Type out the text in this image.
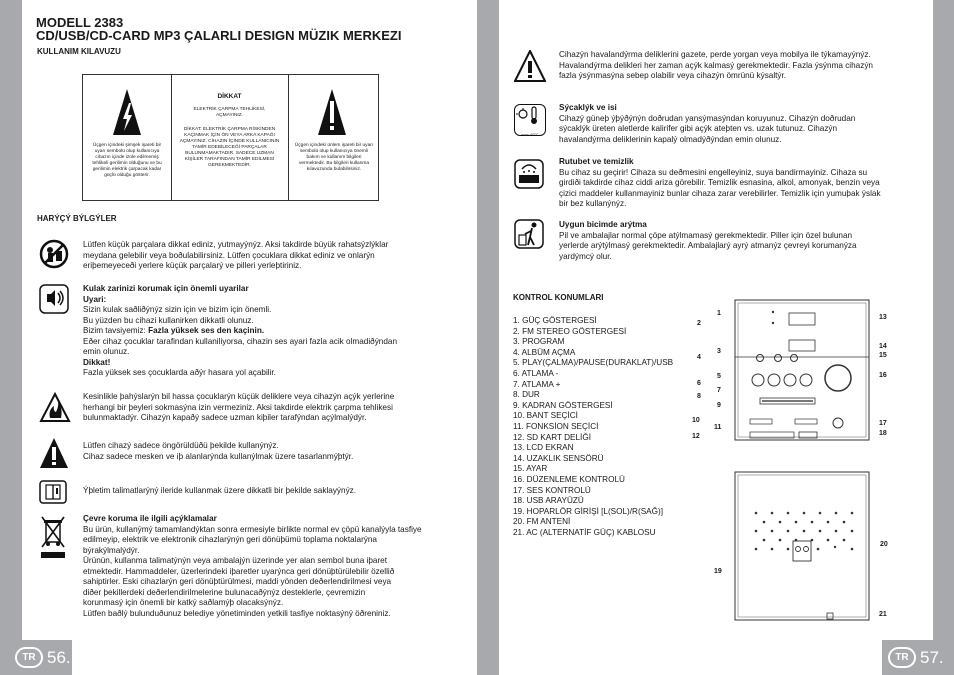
MODELL 2383
CD/USB/CD-CARD MP3 ÇALARLI DESIGN MÜZIK MERKEZI
KULLANIM KILAVUZU
Üçgen içindeki şimşek işareti bir uyarı sembolü olup kullanıcıya cihazın içinde izole edilmemiş tehlikeli gerilimin olduğunu ve bu gerilimin elektrik çarpacak kadar güçlü olduğu gösterir.
DİKKAT
ELEKTRİK ÇARPMA TEHLİKESİ, AÇMAYINIZ.
DİKKAT: ELEKTRİK ÇARPMA RİSKİNDEN KAÇINMAK İÇİN ÖN VEYA ARKA KAPAĞI AÇMAYINIZ. CİHAZIN İÇİNDE KULLANICININ TAMİR EDEBİLECEĞİ PARÇALAR BULUNMAMAKTADIR. SADECE UZMAN KİŞİLER TARAFINDAN TAMİR EDİLMESİ GEREKMEKTEDİR.
Üçgen içindeki ünlem işareti bir uyarı sembolü olup kullanıcıya önemli bakım ve kullanım bilgileri vermektedir. Bu bilgileri kullanma kılavuzunda bulabilirsiniz.
HARÝÇÝ BÝLGÝLER
Lütfen küçük parçalara dikkat ediniz, yutmayýnýz. Aksi takdirde büyük rahatsýzlýklar
meydana gelebilir veya boðulabilirsiniz. Lütfen çocuklara dikkat ediniz ve onlarýn
eriþemeyeceði yerlere küçük parçalarý ve pilleri yerleþtiriniz.
Kulak zarinizi korumak için önemli uyarilar
Uyari:
Sizin kulak saðliðýnýz sizin için ve bizim için önemli.
Bu yüzden bu cihazi kullanirken dikkatli olunuz.
Bizim tavsiyemiz: Fazla yüksek ses den kaçinin.
Eðer cihaz çocuklar tarafindan kullaniliyorsa, cihazin ses ayari fazla acik olmadiðýndan
emin olunuz.
Dikkat!
Fazla yüksek ses çocuklarda aðýr hasara yol açabilir.
Kesinlikle þahýslarýn bil hassa çocuklarýn küçük deliklere veya cihazýn açýk yerlerine
herhangi bir þeyleri sokmasýna izin vermeziniz. Aksi takdirde elektrik çarpma tehlikesi
bulunmaktadýr. Cihazýn kapaðý sadece uzman kiþiler tarafýndan açýlmalýdýr.
Lütfen cihazý sadece öngörüldüðü þekilde kullanýnýz.
Cihaz sadece mesken ve iþ alanlarýnda kullanýlmak üzere tasarlanmýþtýr.
Ýþletim talimatlarýný ileride kullanmak üzere dikkatli bir þekilde saklayýnýz.
Çevre koruma ile ilgili açýklamalar
Bu ürün, kullanýmý tamamlandýktan sonra ermesiyle birlikte normal ev çöpü kanalýyla tasfiye
edilmeyip, elektrik ve elektronik cihazlarýnýn geri dönüþümü toplama noktalarýna
býrakýlmalýdýr.
Ürünün, kullanma talimatýnýn veya ambalajýn üzerinde yer alan sembol buna iþaret
etmektedir. Hammaddeler, üzerlerindeki iþaretler uyarýnca geri dönüþtürülebilir özellið
sahiptirler. Eski cihazlarýn geri dönüþtürülmesi, maddi yönden deðerlendirilmesi veya
diðer þekillerdeki deðerlendirilmelerine bulunacaðýnýz desteklerle, çevremizin
korunmasý için önemli bir katký saðlamýþ olacaksýnýz.
Lütfen baðlý bulunduðunuz belediye yönetiminden yetkili tasfiye noktasýný öðreniniz.
Cihazýn havalandýrma deliklerini gazete, perde yorgan veya mobilya ile týkamayýnýz.
Havalandýrma delikleri her zaman açýk kalmasý gerekmektedir. Fazla ýsýnma cihazýn
fazla ýsýnmasýna sebep olabilir veya cihazýn ömrünü kýsaltýr.
max 40°C
Sýcaklýk ve isi
Cihazý güneþ ýþýðýnýn doðrudan yansýmasýndan koruyunuz. Cihazýn doðrudan
sýcaklýk üreten aletlerde kalirifer gibi açýk ateþten vs. uzak tutunuz. Cihazýn
havalandýrma deliklerinin kapalý olmadýðýndan emin olunuz.
Rutubet ve temizlik
Bu cihaz su geçirir! Cihaza su deðmesini engelleyiniz, suya bandirmayiniz. Cihaza su
girdiði takdirde cihaz ciddi ariza görebilir. Temizlik esnasina, alkol, amonyak, benzin veya
çizici maddeler kullanmayiniz bunlar cihaza zarar verebilirler. Temizlik için yumuþak ýslak
bir bez kullanýnýz.
Uygun bicimde arýtma
Pil ve ambalajlar normal çöpe atýlmamasý gerekmektedir. Piller için özel bulunan
yerlerde arýtýlmasý gerekmektedir. Ambalajlarý ayrý atmanýz çevreyi korumanýza
yardýmcý olur.
KONTROL KONUMLARI
1. GÜÇ GÖSTERGESİ
2. FM STEREO GÖSTERGESİ
3. PROGRAM
4. ALBÜM AÇMA
5. PLAY(ÇALMA)/PAUSE(DURAKLAT)/USB
6. ATLAMA -
7. ATLAMA +
8. DUR
9. KADRAN GÖSTERGESİ
10. BANT SEÇİCİ
11. FONKSİON SEÇİCİ
12. SD KART DELİĞİ
13. LCD EKRAN
14. UZAKLIK SENSÖRÜ
15. AYAR
16. DÜZENLEME KONTROLÜ
17. SES KONTROLÜ
18. USB ARAYÜZÜ
19. HOPARLÖR GİRİŞİ [L(SOL)/R(SAĞ)]
20. FM ANTENİ
21. AC (ALTERNATİF GÜÇ) KABLOSU
1
2
3
4
5
6
7
8
9
10
11
12
13
14
15
16
17
18
19
20
21
TR 56.	TR 57.
